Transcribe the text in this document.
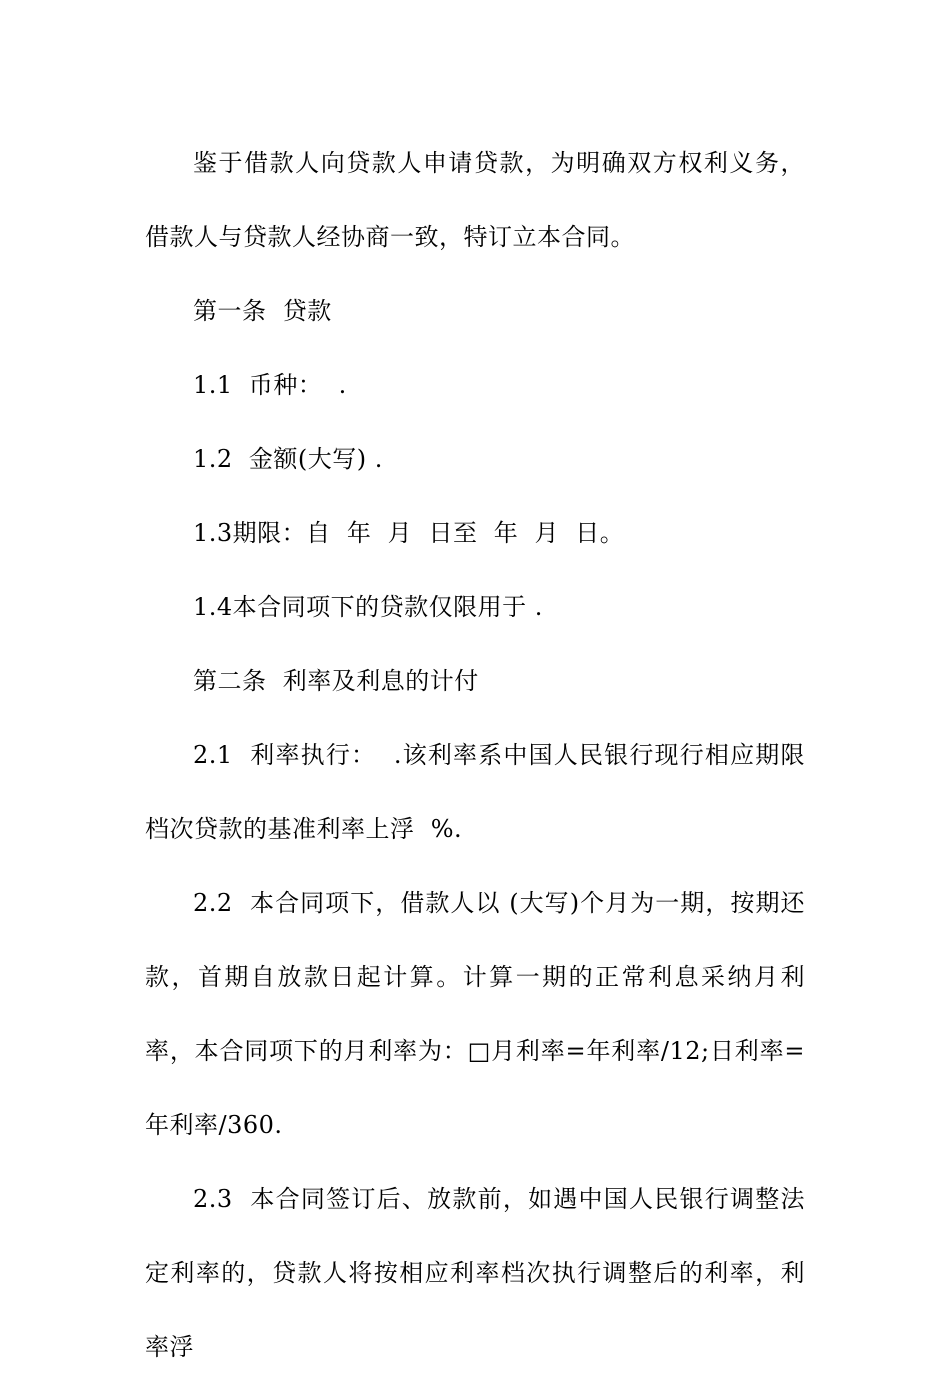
鉴于借款人向贷款人申请贷款，为明确双方权利义务，借款人与贷款人经协商一致，特订立本合同。

第一条  贷款

1.1  币种：  .

1.2  金额(大写) .

1.3期限：自  年  月  日至  年  月  日。

1.4本合同项下的贷款仅限用于 .

第二条  利率及利息的计付

2.1  利率执行：  .该利率系中国人民银行现行相应期限档次贷款的基准利率上浮  %.

2.2  本合同项下，借款人以 (大写)个月为一期，按期还款，首期自放款日起计算。计算一期的正常利息采纳月利率，本合同项下的月利率为：□月利率=年利率/12;日利率=年利率/360.

2.3  本合同签订后、放款前，如遇中国人民银行调整法定利率的，贷款人将按相应利率档次执行调整后的利率，利率浮
